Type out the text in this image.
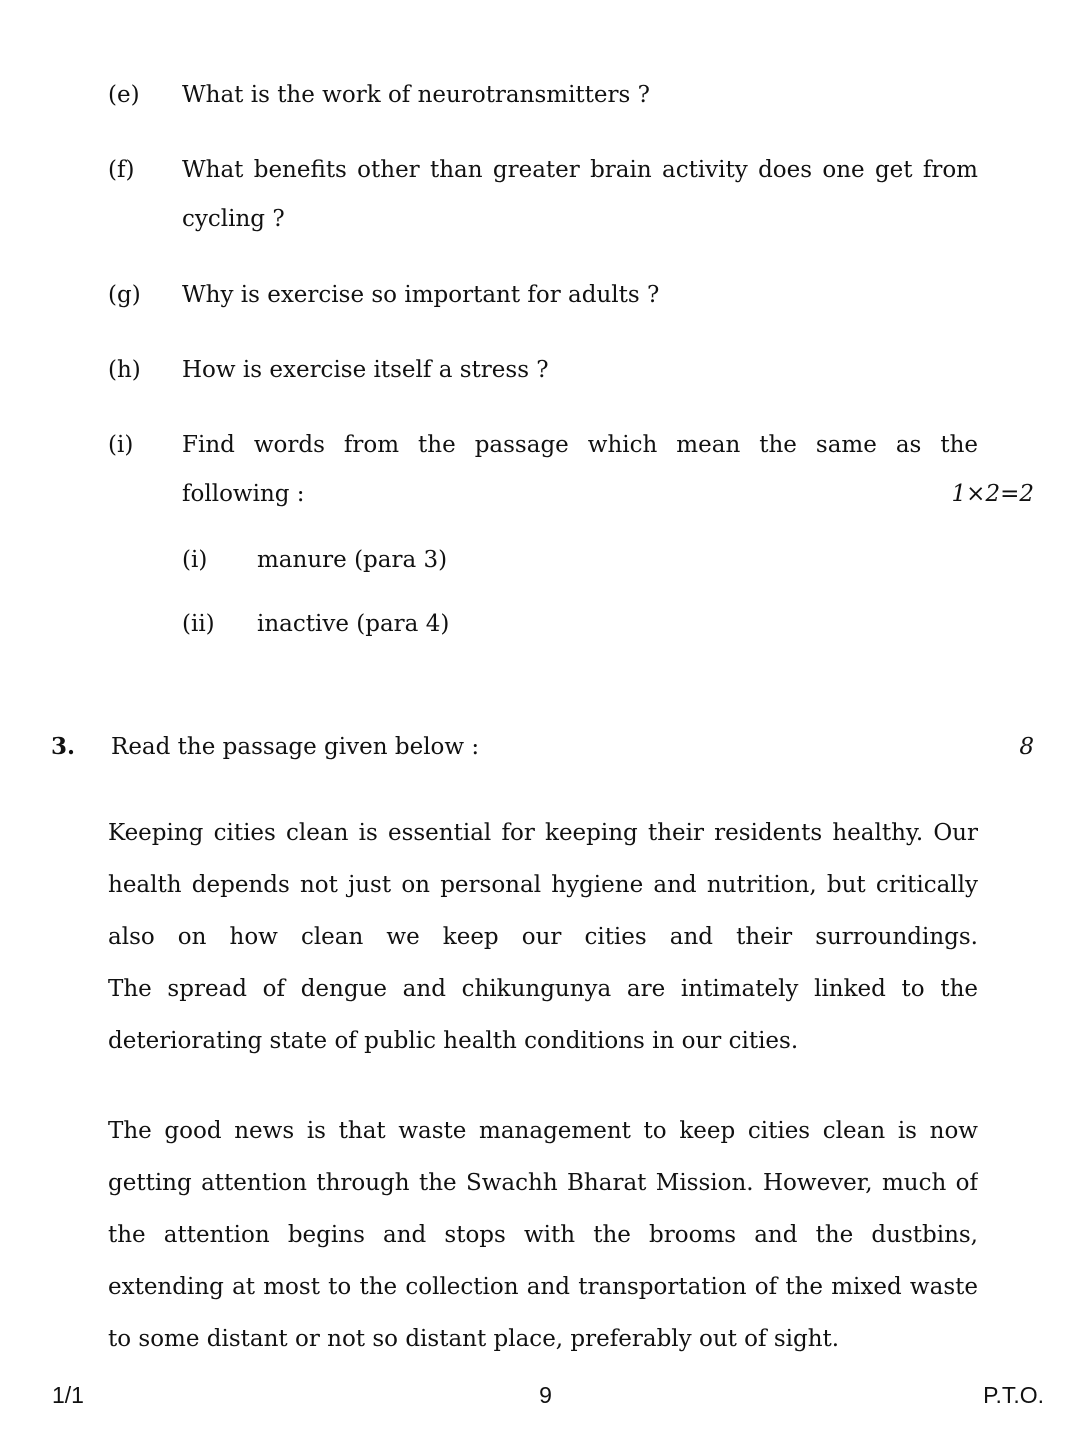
(e) What is the work of neurotransmitters ?
(f) What benefits other than greater brain activity does one get from
cycling ?
(g) Why is exercise so important for adults ?
(h) How is exercise itself a stress ?
(i) Find words from the passage which mean the same as the
following :	1×2=2
(i) manure (para 3)
(ii) inactive (para 4)
3. Read the passage given below :	8
Keeping cities clean is essential for keeping their residents healthy. Our
health depends not just on personal hygiene and nutrition, but critically
also on how clean we keep our cities and their surroundings.
The spread of dengue and chikungunya are intimately linked to the
deteriorating state of public health conditions in our cities.
The good news is that waste management to keep cities clean is now
getting attention through the Swachh Bharat Mission. However, much of
the attention begins and stops with the brooms and the dustbins,
extending at most to the collection and transportation of the mixed waste
to some distant or not so distant place, preferably out of sight.
1/1	9	P.T.O.
